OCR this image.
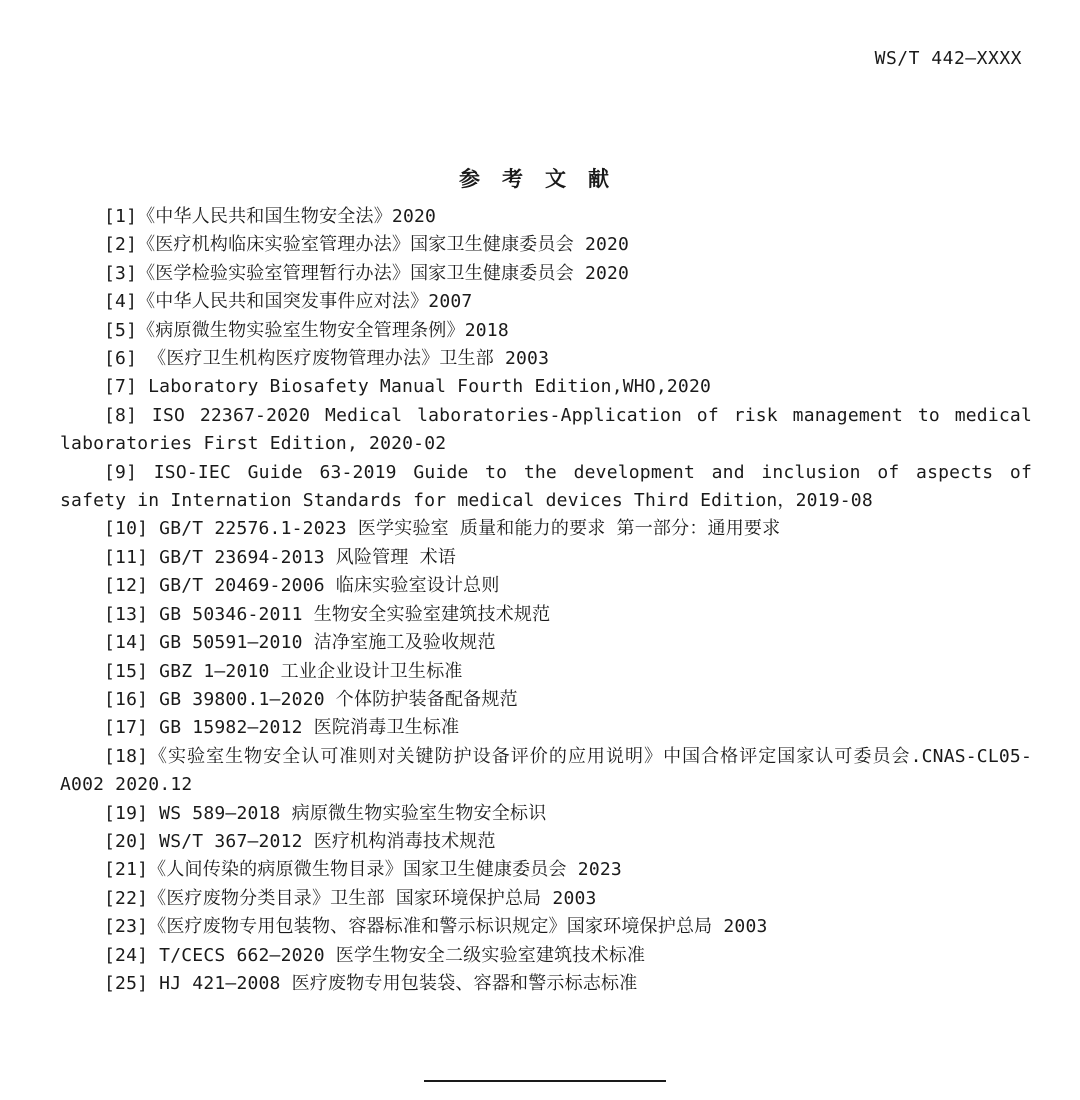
WS/T 442—XXXX
参考文献
[1]《中华人民共和国生物安全法》2020
[2]《医疗机构临床实验室管理办法》国家卫生健康委员会 2020
[3]《医学检验实验室管理暂行办法》国家卫生健康委员会 2020
[4]《中华人民共和国突发事件应对法》2007
[5]《病原微生物实验室生物安全管理条例》2018
[6] 《医疗卫生机构医疗废物管理办法》卫生部 2003
[7] Laboratory Biosafety Manual Fourth Edition,WHO,2020
[8] ISO 22367-2020 Medical laboratories-Application of risk management to medical laboratories First Edition, 2020-02
[9] ISO-IEC Guide 63-2019 Guide to the development and inclusion of aspects of safety in Internation Standards for medical devices Third Edition，2019-08
[10] GB/T 22576.1-2023 医学实验室 质量和能力的要求 第一部分：通用要求
[11] GB/T 23694-2013 风险管理 术语
[12] GB/T 20469-2006 临床实验室设计总则
[13] GB 50346-2011 生物安全实验室建筑技术规范
[14] GB 50591—2010 洁净室施工及验收规范
[15] GBZ 1—2010 工业企业设计卫生标准
[16] GB 39800.1—2020 个体防护装备配备规范
[17] GB 15982—2012 医院消毒卫生标准
[18]《实验室生物安全认可准则对关键防护设备评价的应用说明》中国合格评定国家认可委员会.CNAS-CL05-A002 2020.12
[19] WS 589—2018 病原微生物实验室生物安全标识
[20] WS/T 367—2012 医疗机构消毒技术规范
[21]《人间传染的病原微生物目录》国家卫生健康委员会 2023
[22]《医疗废物分类目录》卫生部 国家环境保护总局 2003
[23]《医疗废物专用包装物、容器标准和警示标识规定》国家环境保护总局 2003
[24] T/CECS 662—2020 医学生物安全二级实验室建筑技术标准
[25] HJ 421—2008 医疗废物专用包装袋、容器和警示标志标准
